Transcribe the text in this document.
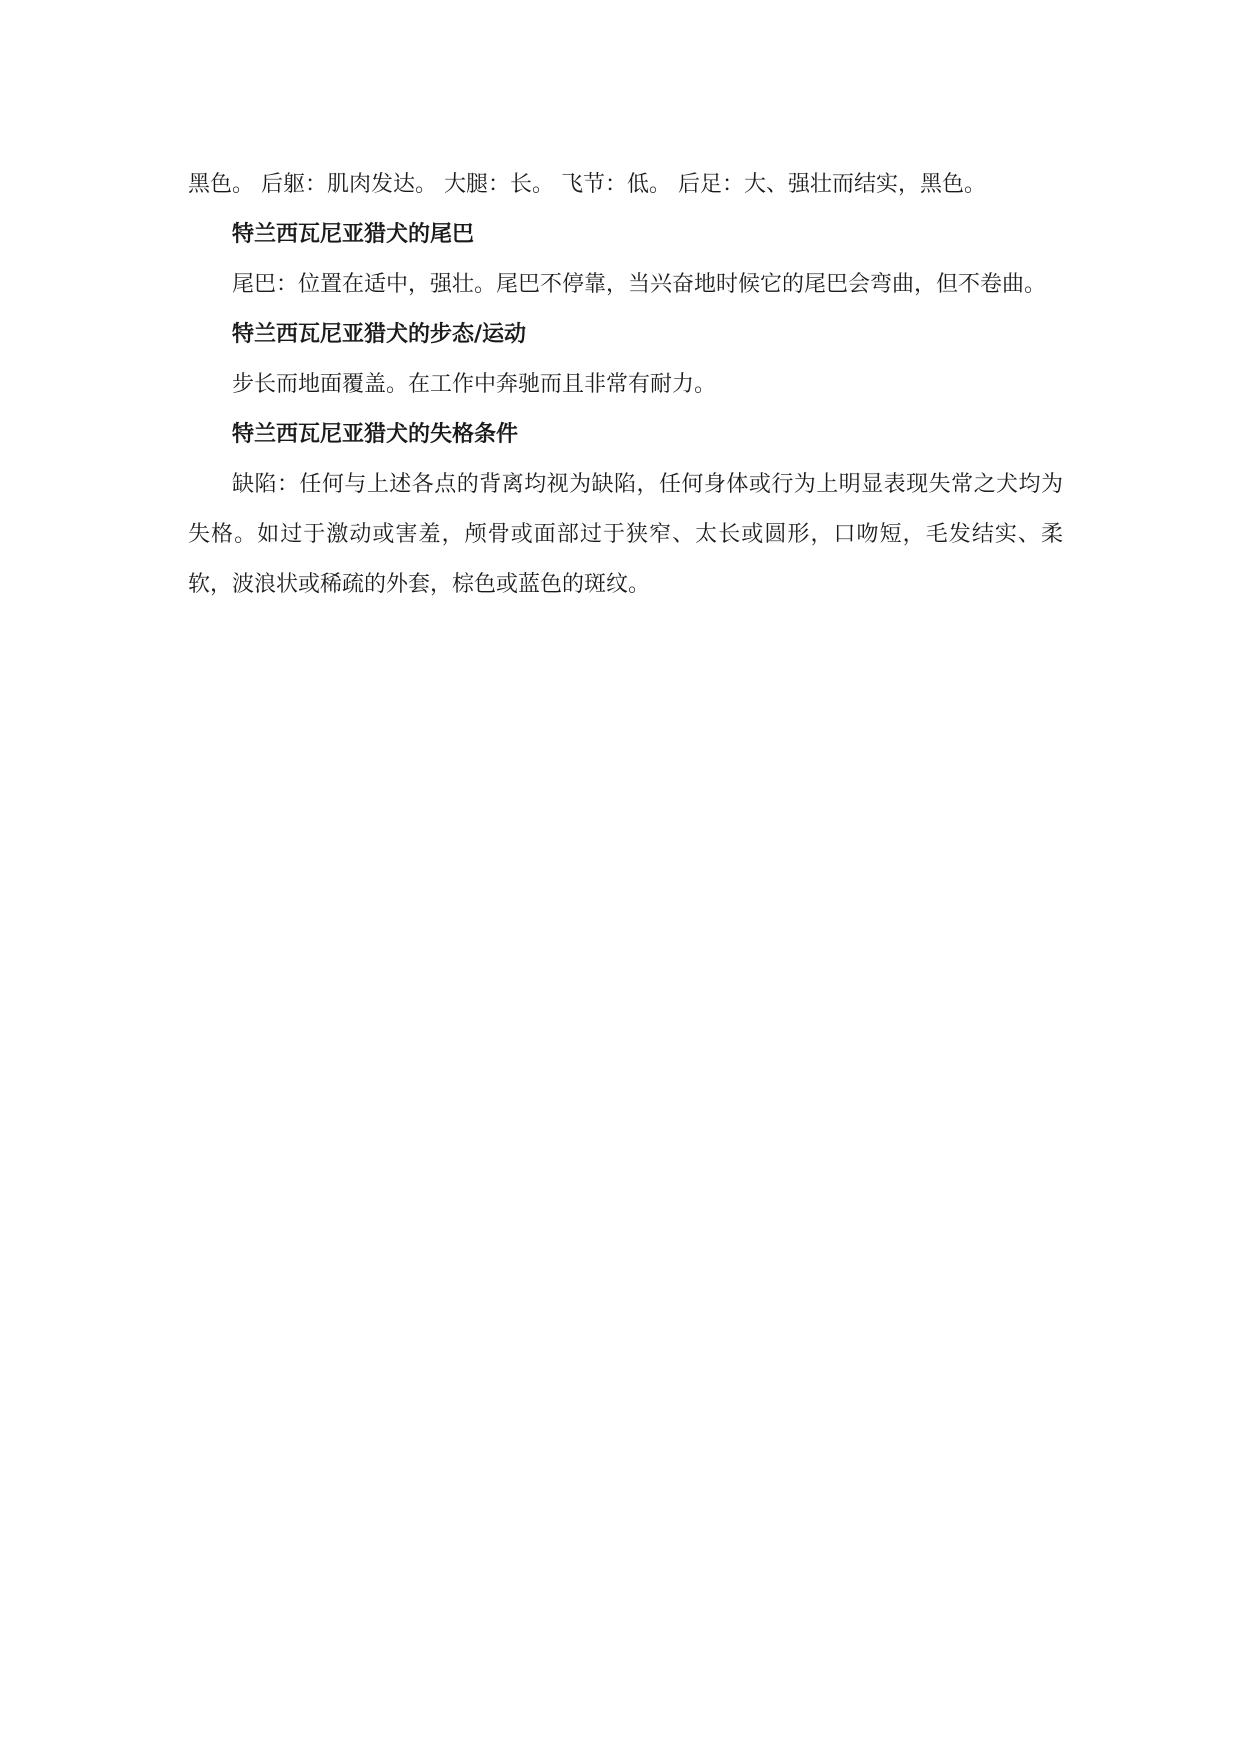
黑色。 后躯：肌肉发达。 大腿：长。 飞节：低。 后足：大、强壮而结实，黑色。

特兰西瓦尼亚猎犬的尾巴

尾巴：位置在适中，强壮。尾巴不停靠，当兴奋地时候它的尾巴会弯曲，但不卷曲。

特兰西瓦尼亚猎犬的步态/运动

步长而地面覆盖。在工作中奔驰而且非常有耐力。

特兰西瓦尼亚猎犬的失格条件

缺陷：任何与上述各点的背离均视为缺陷，任何身体或行为上明显表现失常之犬均为失格。如过于激动或害羞，颅骨或面部过于狭窄、太长或圆形，口吻短，毛发结实、柔软，波浪状或稀疏的外套，棕色或蓝色的斑纹。
